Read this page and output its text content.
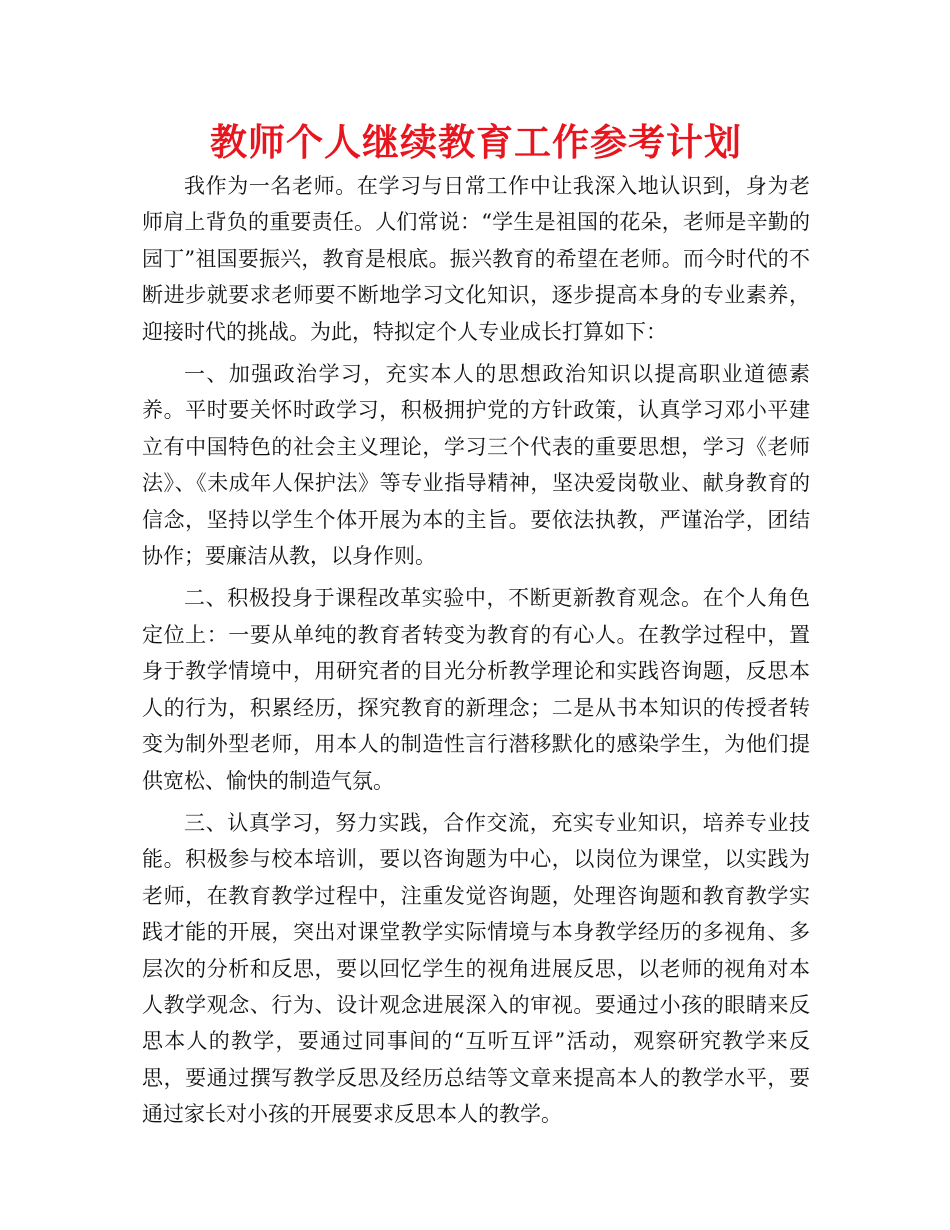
教师个人继续教育工作参考计划

我作为一名老师。在学习与日常工作中让我深入地认识到，身为老师肩上背负的重要责任。人们常说：“学生是祖国的花朵，老师是辛勤的园丁”祖国要振兴，教育是根底。振兴教育的希望在老师。而今时代的不断进步就要求老师要不断地学习文化知识，逐步提高本身的专业素养，迎接时代的挑战。为此，特拟定个人专业成长打算如下：

一、加强政治学习，充实本人的思想政治知识以提高职业道德素养。平时要关怀时政学习，积极拥护党的方针政策，认真学习邓小平建立有中国特色的社会主义理论，学习三个代表的重要思想，学习《老师法》、《未成年人保护法》等专业指导精神，坚决爱岗敬业、献身教育的信念，坚持以学生个体开展为本的主旨。要依法执教，严谨治学，团结协作；要廉洁从教，以身作则。

二、积极投身于课程改革实验中，不断更新教育观念。在个人角色定位上：一要从单纯的教育者转变为教育的有心人。在教学过程中，置身于教学情境中，用研究者的目光分析教学理论和实践咨询题，反思本人的行为，积累经历，探究教育的新理念；二是从书本知识的传授者转变为制外型老师，用本人的制造性言行潜移默化的感染学生，为他们提供宽松、愉快的制造气氛。

三、认真学习，努力实践，合作交流，充实专业知识，培养专业技能。积极参与校本培训，要以咨询题为中心，以岗位为课堂，以实践为老师，在教育教学过程中，注重发觉咨询题，处理咨询题和教育教学实践才能的开展，突出对课堂教学实际情境与本身教学经历的多视角、多层次的分析和反思，要以回忆学生的视角进展反思，以老师的视角对本人教学观念、行为、设计观念进展深入的审视。要通过小孩的眼睛来反思本人的教学，要通过同事间的“互听互评”活动，观察研究教学来反思，要通过撰写教学反思及经历总结等文章来提高本人的教学水平，要通过家长对小孩的开展要求反思本人的教学。
